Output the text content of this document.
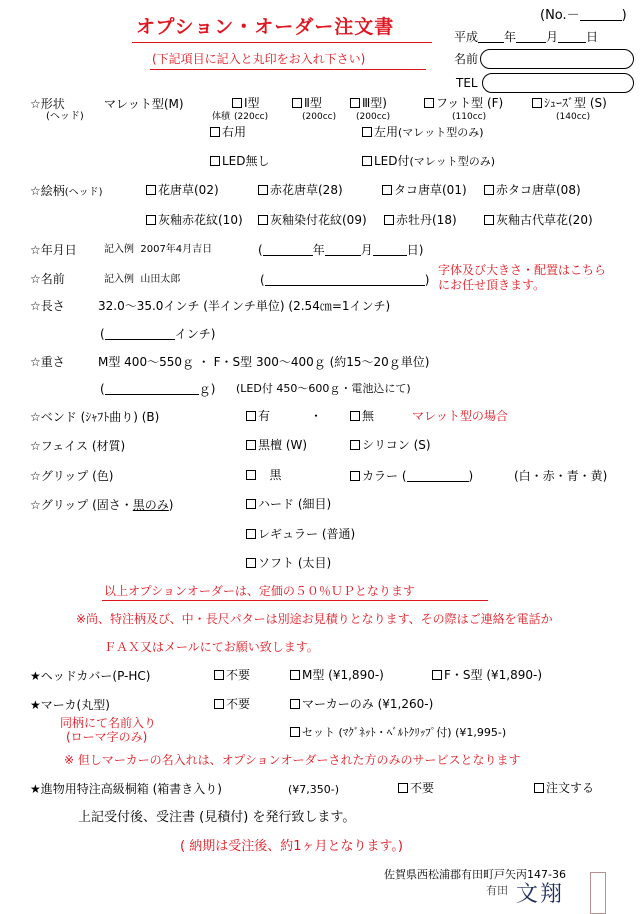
オプション・オーダー注文書
(No.－	)
平成 年	月 日
名前
TEL
(下記項目に記入と丸印をお入れ下さい)
☆形状
(ヘッド)
マレット型(M)	Ⅰ型	Ⅱ型	Ⅲ型)	フット型 (F)	ｼｭｰｽﾞ型 (S)
体積 (220cc)	(200cc) (200cc)	(110cc)	(140cc)
右用	左用(マレット型のみ)
LED無し	LED付(マレット型のみ)
☆絵柄(ヘッド)	花唐草(02)	赤花唐草(28)	タコ唐草(01)	赤タコ唐草(08)
灰釉赤花紋(10)	灰釉染付花紋(09)	赤牡丹(18)	灰釉古代草花(20)
☆年月日	記入例 2007年4月吉日	(	年	月	日)
☆名前	記入例 山田太郎	(	)
字体及び大きさ・配置はこちら
にお任せ頂きます。
☆長さ	32.0～35.0インチ (半インチ単位) (2.54㎝=1インチ)
(	インチ)
☆重さ	M型 400～550ｇ ・ F・S型 300～400ｇ (約15～20ｇ単位)
(	ｇ) (LED付 450～600ｇ・電池込にて)
☆ベンド (ｼｬﾌﾄ曲り) (B)	有	・	無	マレット型の場合
☆フェイス (材質)	黒檀 (W)	シリコン (S)
☆グリップ (色)	黒	カラー (	)	(白・赤・青・黄)
☆グリップ (固さ・黒のみ)	ハード (細目)
レギュラー (普通)
ソフト (太目)
以上オプションオーダーは、定価の５０％ＵＰとなります
※尚、特注柄及び、中・長尺パターは別途お見積りとなります、その際はご連絡を電話か
ＦＡＸ又はメールにてお願い致します。
★ヘッドカバー(P-HC)	不要	M型 (¥1,890-)	F・S型 (¥1,890-)
★マーカ(丸型)	不要	マーカーのみ (¥1,260-)
同柄にて名前入り
(ローマ字のみ)	セット (ﾏｸﾞﾈｯﾄ・ﾍﾞﾙﾄｸﾘｯﾌﾟ付) (¥1,995-)
※ 但しマーカーの名入れは、オプションオーダーされた方のみのサービスとなります
★進物用特注高級桐箱 (箱書き入り)	(¥7,350-)	不要	注文する
上記受付後、受注書 (見積付) を発行致します。
( 納期は受注後、約1ヶ月となります。)
佐賀県西松浦郡有田町戸矢丙147-36
有田 文翔
